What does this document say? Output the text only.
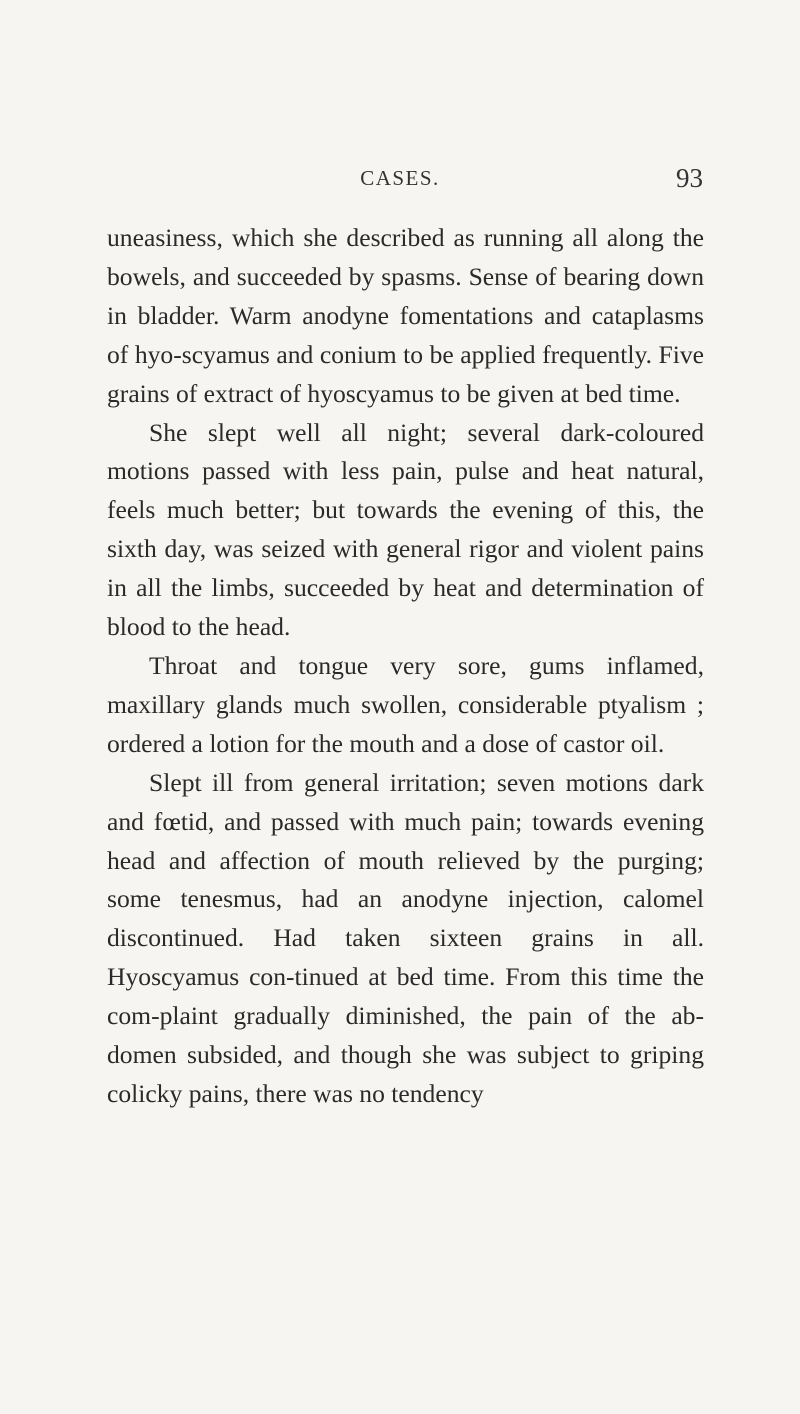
CASES.	93

uneasiness, which she described as running all along the bowels, and succeeded by spasms. Sense of bearing down in bladder. Warm anodyne fomentations and cataplasms of hyo-scyamus and conium to be applied frequently. Five grains of extract of hyoscyamus to be given at bed time.

She slept well all night; several dark-coloured motions passed with less pain, pulse and heat natural, feels much better; but towards the evening of this, the sixth day, was seized with general rigor and violent pains in all the limbs, succeeded by heat and determination of blood to the head.

Throat and tongue very sore, gums inflamed, maxillary glands much swollen, considerable ptyalism ; ordered a lotion for the mouth and a dose of castor oil.

Slept ill from general irritation; seven motions dark and fœtid, and passed with much pain; towards evening head and affection of mouth relieved by the purging; some tenesmus, had an anodyne injection, calomel discontinued. Had taken sixteen grains in all. Hyoscyamus con-tinued at bed time. From this time the com-plaint gradually diminished, the pain of the ab-domen subsided, and though she was subject to griping colicky pains, there was no tendency
